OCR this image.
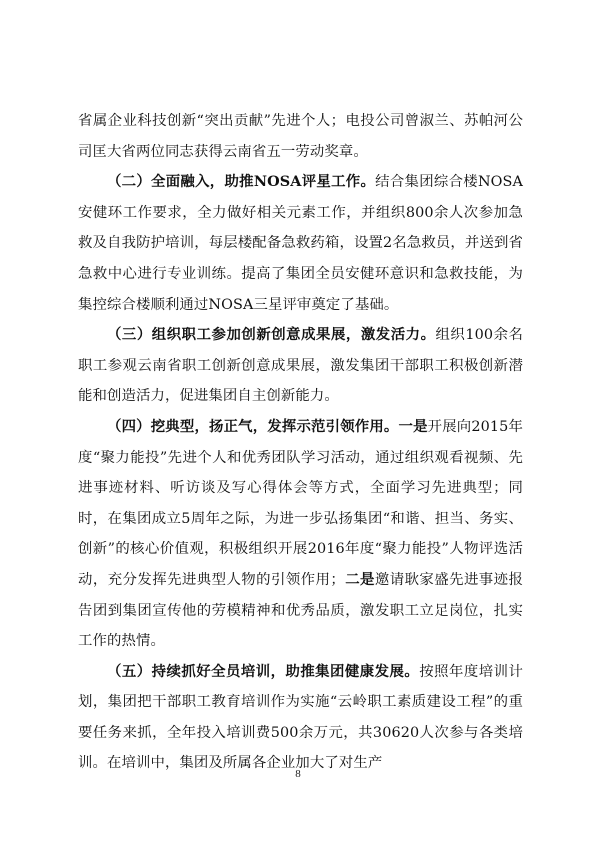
省属企业科技创新“突出贡献”先进个人；电投公司曾淑兰、苏帕河公司匡大省两位同志获得云南省五一劳动奖章。

（二）全面融入，助推NOSA评星工作。结合集团综合楼NOSA安健环工作要求，全力做好相关元素工作，并组织800余人次参加急救及自我防护培训，每层楼配备急救药箱，设置2名急救员，并送到省急救中心进行专业训练。提高了集团全员安健环意识和急救技能，为集控综合楼顺利通过NOSA三星评审奠定了基础。

（三）组织职工参加创新创意成果展，激发活力。组织100余名职工参观云南省职工创新创意成果展，激发集团干部职工积极创新潜能和创造活力，促进集团自主创新能力。

（四）挖典型，扬正气，发挥示范引领作用。一是开展向2015年度“聚力能投”先进个人和优秀团队学习活动，通过组织观看视频、先进事迹材料、听访谈及写心得体会等方式，全面学习先进典型；同时，在集团成立5周年之际，为进一步弘扬集团“和谐、担当、务实、创新”的核心价值观，积极组织开展2016年度“聚力能投”人物评选活动，充分发挥先进典型人物的引领作用；二是邀请耿家盛先进事迹报告团到集团宣传他的劳模精神和优秀品质，激发职工立足岗位，扎实工作的热情。

（五）持续抓好全员培训，助推集团健康发展。按照年度培训计划，集团把干部职工教育培训作为实施“云岭职工素质建设工程”的重要任务来抓，全年投入培训费500余万元，共30620人次参与各类培训。在培训中，集团及所属各企业加大了对生产

8
